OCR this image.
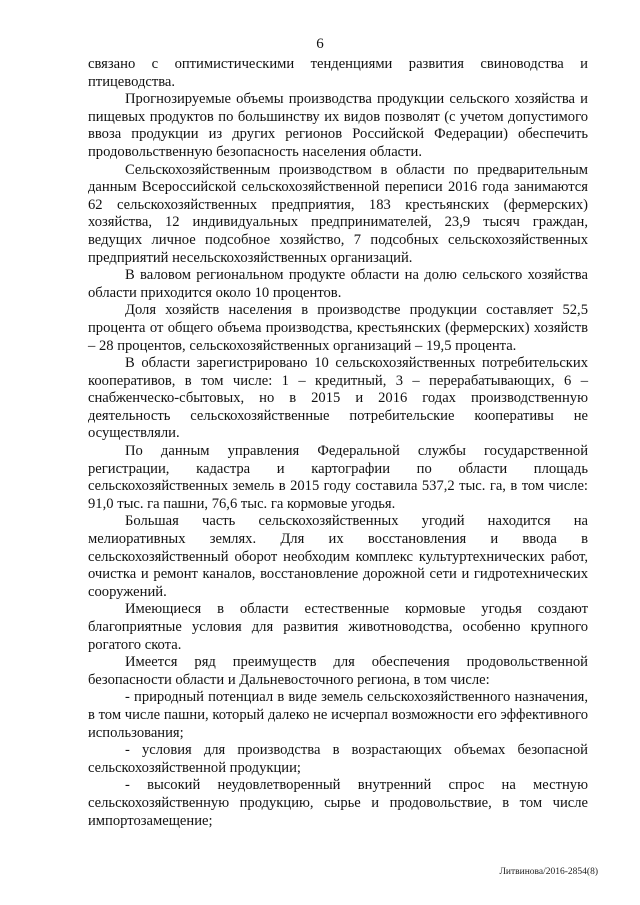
6

связано с оптимистическими тенденциями развития свиноводства и птицеводства.

Прогнозируемые объемы производства продукции сельского хозяйства и пищевых продуктов по большинству их видов позволят (с учетом допустимого ввоза продукции из других регионов Российской Федерации) обеспечить продовольственную безопасность населения области.

Сельскохозяйственным производством в области по предварительным данным Всероссийской сельскохозяйственной переписи 2016 года занимаются 62 сельскохозяйственных предприятия, 183 крестьянских (фермерских) хозяйства, 12 индивидуальных предпринимателей, 23,9 тысяч граждан, ведущих личное подсобное хозяйство, 7 подсобных сельскохозяйственных предприятий несельскохозяйственных организаций.

В валовом региональном продукте области на долю сельского хозяйства области приходится около 10 процентов.

Доля хозяйств населения в производстве продукции составляет 52,5 процента от общего объема производства, крестьянских (фермерских) хозяйств – 28 процентов, сельскохозяйственных организаций – 19,5 процента.

В области зарегистрировано 10 сельскохозяйственных потребительских кооперативов, в том числе: 1 – кредитный, 3 – перерабатывающих, 6 – снабженческо-сбытовых, но в 2015 и 2016 годах производственную деятельность сельскохозяйственные потребительские кооперативы не осуществляли.

По данным управления Федеральной службы государственной регистрации, кадастра и картографии по области площадь сельскохозяйственных земель в 2015 году составила 537,2 тыс. га, в том числе: 91,0 тыс. га пашни, 76,6 тыс. га кормовые угодья.

Большая часть сельскохозяйственных угодий находится на мелиоративных землях. Для их восстановления и ввода в сельскохозяйственный оборот необходим комплекс культуртехнических работ, очистка и ремонт каналов, восстановление дорожной сети и гидротехнических сооружений.

Имеющиеся в области естественные кормовые угодья создают благоприятные условия для развития животноводства, особенно крупного рогатого скота.

Имеется ряд преимуществ для обеспечения продовольственной безопасности области и Дальневосточного региона, в том числе:

- природный потенциал в виде земель сельскохозяйственного назначения, в том числе пашни, который далеко не исчерпал возможности его эффективного использования;

- условия для производства в возрастающих объемах безопасной сельскохозяйственной продукции;

- высокий неудовлетворенный внутренний спрос на местную сельскохозяйственную продукцию, сырье и продовольствие, в том числе импортозамещение;

Литвинова/2016-2854(8)
